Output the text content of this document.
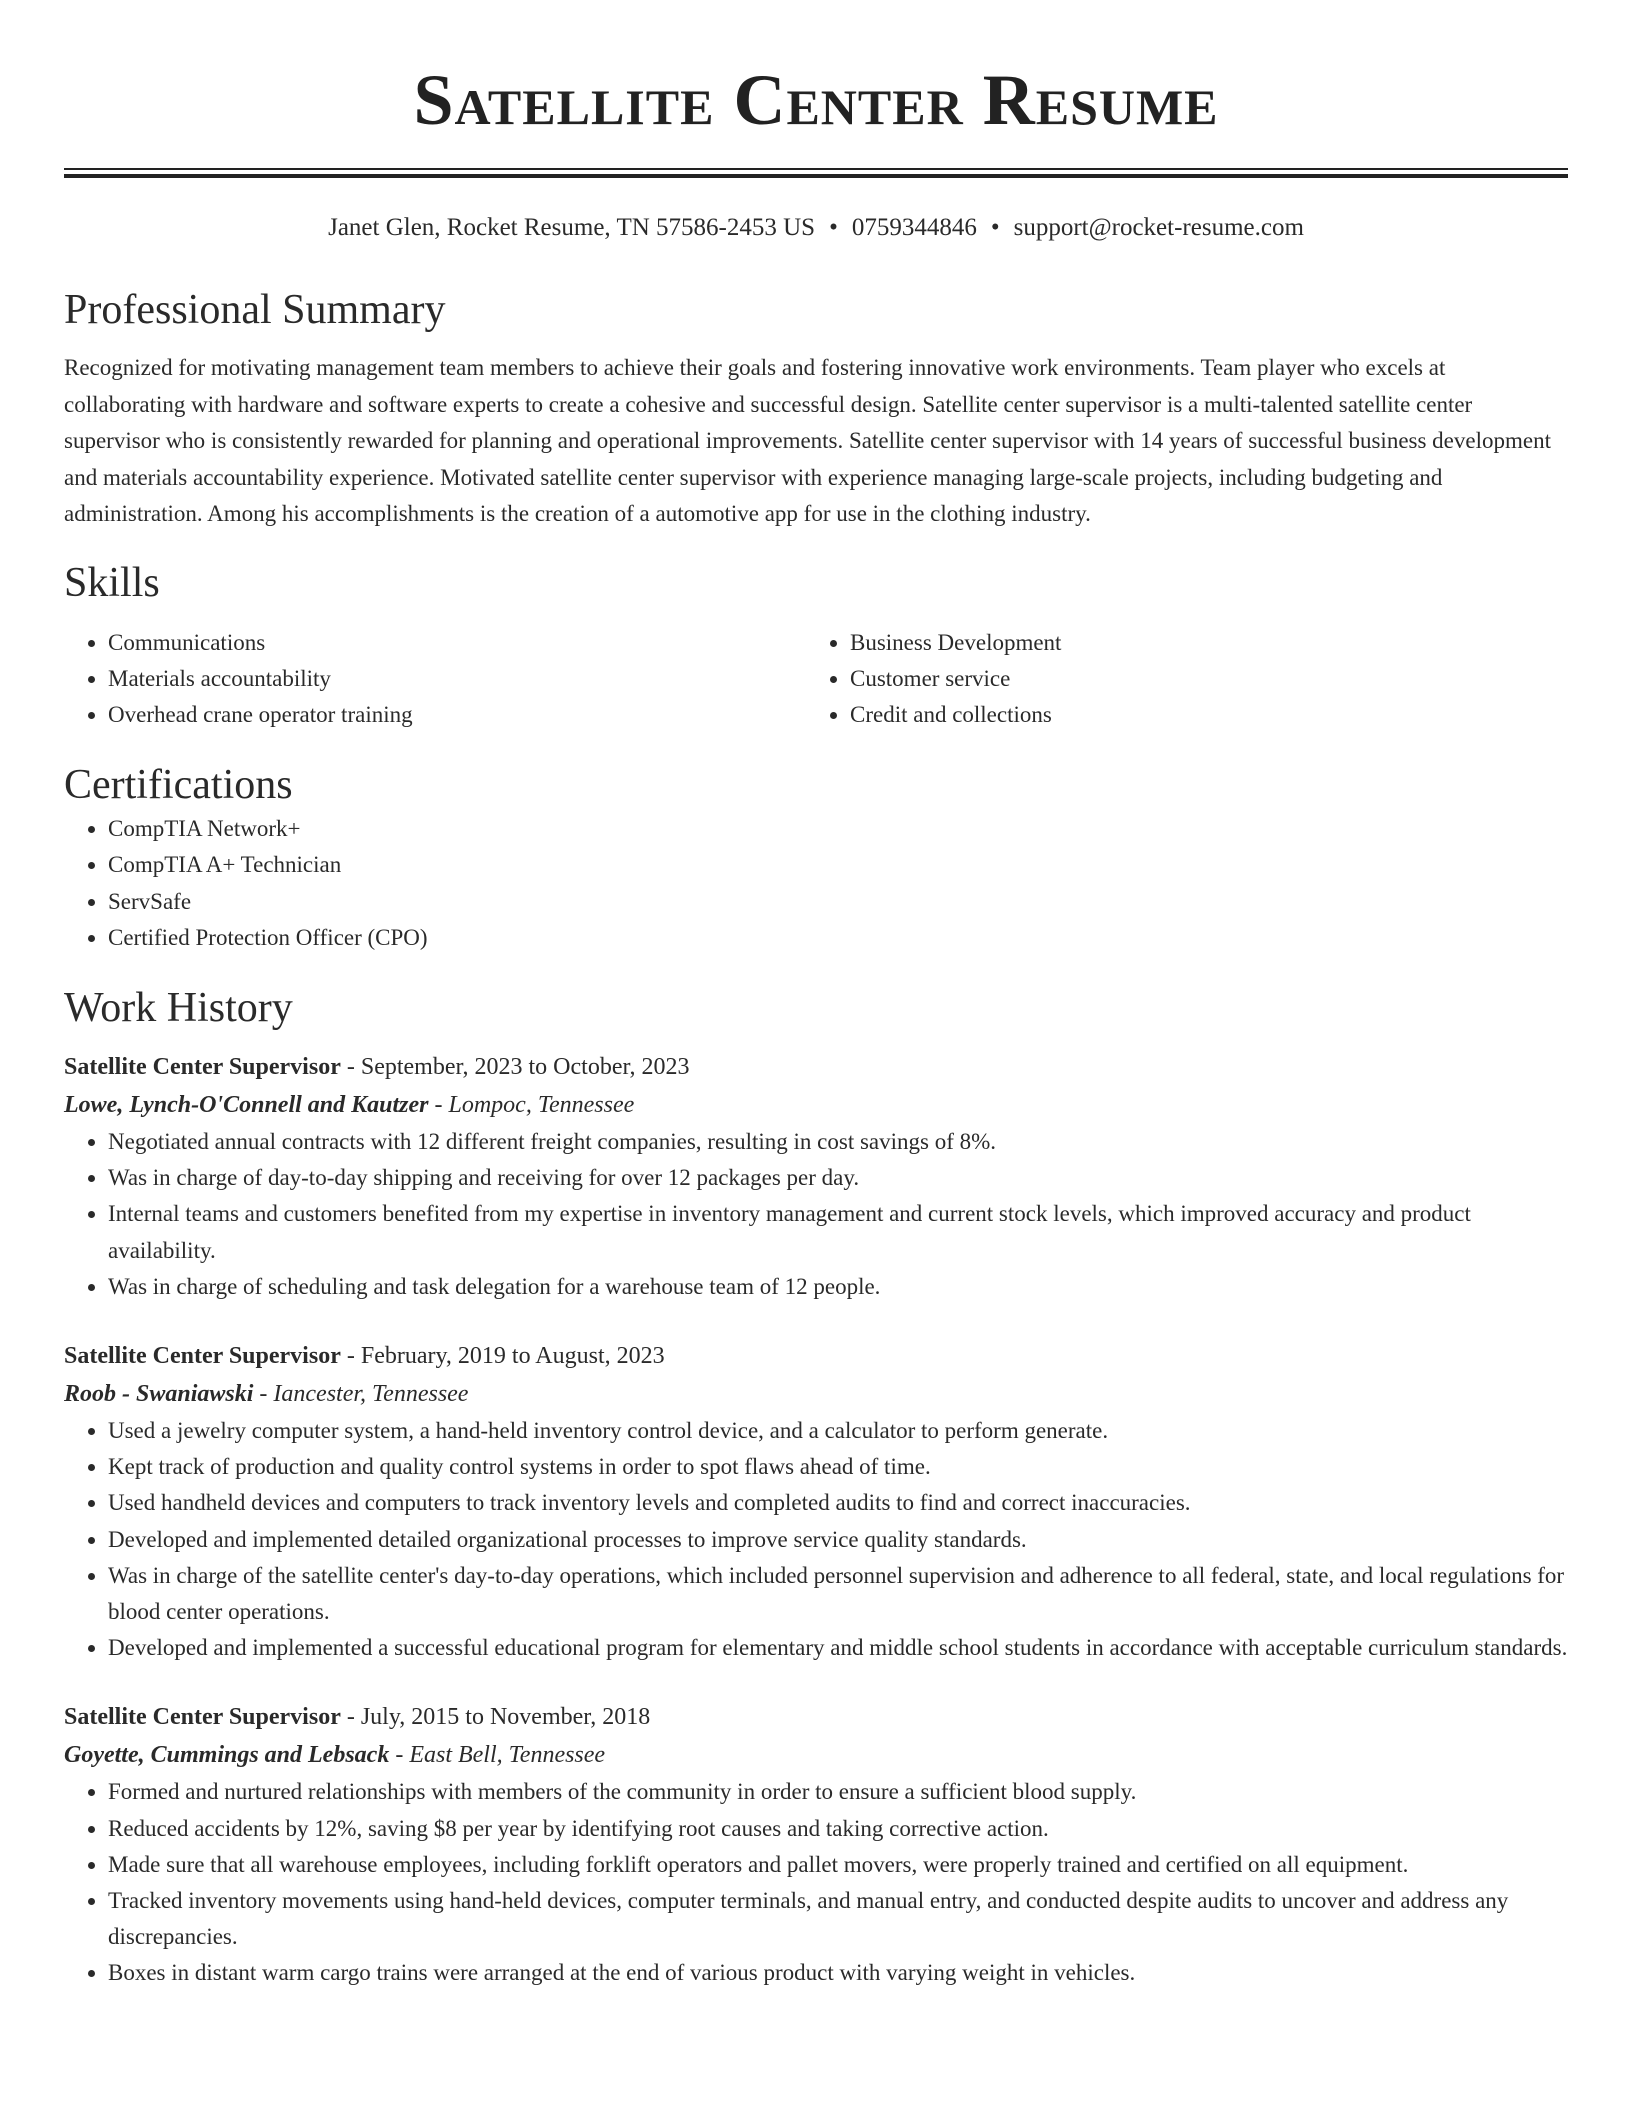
Satellite Center Resume
Janet Glen, Rocket Resume, TN 57586-2453 US • 0759344846 • support@rocket-resume.com
Professional Summary
Recognized for motivating management team members to achieve their goals and fostering innovative work environments. Team player who excels at collaborating with hardware and software experts to create a cohesive and successful design. Satellite center supervisor is a multi-talented satellite center supervisor who is consistently rewarded for planning and operational improvements. Satellite center supervisor with 14 years of successful business development and materials accountability experience. Motivated satellite center supervisor with experience managing large-scale projects, including budgeting and administration. Among his accomplishments is the creation of a automotive app for use in the clothing industry.
Skills
• Communications
• Materials accountability
• Overhead crane operator training
• Business Development
• Customer service
• Credit and collections
Certifications
• CompTIA Network+
• CompTIA A+ Technician
• ServSafe
• Certified Protection Officer (CPO)
Work History
Satellite Center Supervisor - September, 2023 to October, 2023
Lowe, Lynch-O'Connell and Kautzer - Lompoc, Tennessee
• Negotiated annual contracts with 12 different freight companies, resulting in cost savings of 8%.
• Was in charge of day-to-day shipping and receiving for over 12 packages per day.
• Internal teams and customers benefited from my expertise in inventory management and current stock levels, which improved accuracy and product availability.
• Was in charge of scheduling and task delegation for a warehouse team of 12 people.
Satellite Center Supervisor - February, 2019 to August, 2023
Roob - Swaniawski - Iancester, Tennessee
• Used a jewelry computer system, a hand-held inventory control device, and a calculator to perform generate.
• Kept track of production and quality control systems in order to spot flaws ahead of time.
• Used handheld devices and computers to track inventory levels and completed audits to find and correct inaccuracies.
• Developed and implemented detailed organizational processes to improve service quality standards.
• Was in charge of the satellite center's day-to-day operations, which included personnel supervision and adherence to all federal, state, and local regulations for blood center operations.
• Developed and implemented a successful educational program for elementary and middle school students in accordance with acceptable curriculum standards.
Satellite Center Supervisor - July, 2015 to November, 2018
Goyette, Cummings and Lebsack - East Bell, Tennessee
• Formed and nurtured relationships with members of the community in order to ensure a sufficient blood supply.
• Reduced accidents by 12%, saving $8 per year by identifying root causes and taking corrective action.
• Made sure that all warehouse employees, including forklift operators and pallet movers, were properly trained and certified on all equipment.
• Tracked inventory movements using hand-held devices, computer terminals, and manual entry, and conducted despite audits to uncover and address any discrepancies.
• Boxes in distant warm cargo trains were arranged at the end of various product with varying weight in vehicles.
